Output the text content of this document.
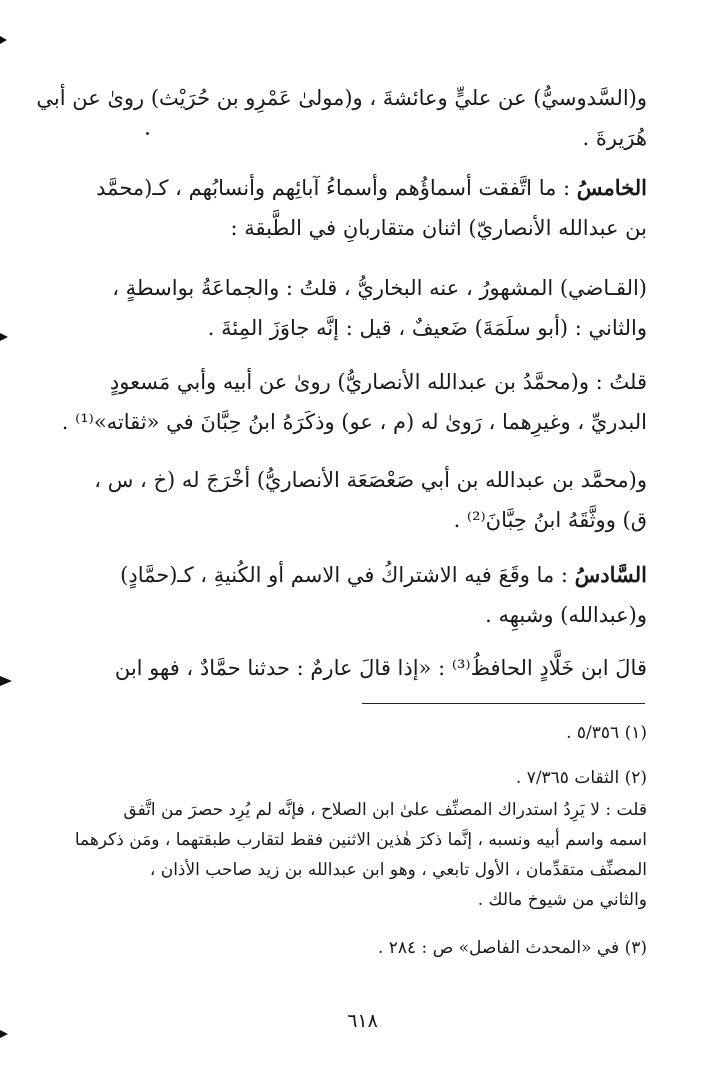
و(السَّدوسيُّ) عن عليٍّ وعائشةَ ، و(مولىٰ عَمْرِو بن حُرَيْث) روىٰ عن أبي
هُرَيرةَ .
الخامسُ : ما اتَّفقت أسماؤُهم وأسماءُ آبائِهم وأنسابُهم ، كـ(محمَّد
بن عبدالله الأنصاريّ) اثنان متقاربانِ في الطَّبقة :
(القـاضي) المشهورُ ، عنه البخاريُّ ، قلتُ : والجماعَةُ بواسطةٍ ،
والثاني : (أبو سلَمَةَ) ضَعيفٌ ، قيل : إنَّه جاوَزَ المِئةَ .
قلتُ : و(محمَّدُ بن عبدالله الأنصاريُّ) روىٰ عن أبيه وأبي مَسعودٍ
البدريِّ ، وغيرِهما ، رَوىٰ له (م ، عو) وذكَرَهُ ابنُ حِبَّانَ في «ثقاته»⁽¹⁾ .
و(محمَّد بن عبدالله بن أبي صَعْصَعَة الأنصاريُّ) أخْرَجَ له (خ ، س ،
ق) ووثَّقَهُ ابنُ حِبَّانَ⁽²⁾ .
السَّادسُ : ما وقَعَ فيه الاشتراكُ في الاسم أو الكُنيةِ ، كـ(حمَّادٍ)
و(عبدالله) وشبهِه .
قالَ ابن خَلَّادٍ الحافظُ⁽³⁾ : «إذا قالَ عارمٌ : حدثنا حمَّادٌ ، فهو ابن
(١) ٥/٣٥٦ .
(٢) الثقات ٧/٣٦٥ .
قلت : لا يَرِدُ استدراك المصنِّف علىٰ ابن الصلاح ، فإنَّه لم يُرِد حصرَ من اتَّفق
اسمه واسم أبيه ونسبه ، إنَّما ذكرَ هٰذين الاثنين فقط لتقارب طبقتهما ، ومَن ذكرهما
المصنِّف متقدِّمان ، الأول تابعي ، وهو ابن عبدالله بن زيد صاحب الأذان ،
والثاني من شيوخ مالك .
(٣) في «المحدث الفاصل» ص : ٢٨٤ .
٦١٨
